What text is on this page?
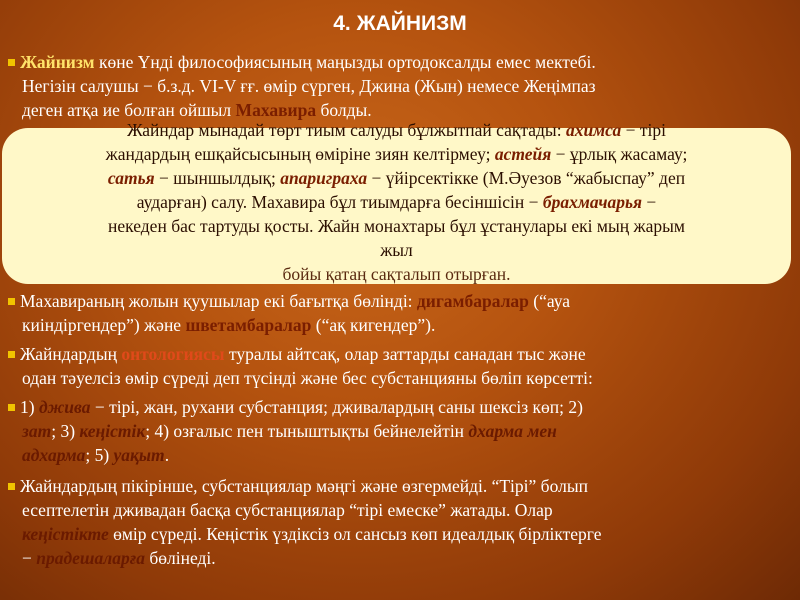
4. ЖАЙНИЗМ
Жайнизм көне Үнді философиясының маңызды ортодоксалды емес мектебі.
Негізін салушы − б.з.д. VI-V ғғ. өмір сүрген, Джина (Жын) немесе Жеңімпаз
деген атқа ие болған ойшыл Махавира болды.
Жайндар мынадай төрт тиым салуды бұлжытпай сақтады: ахимса − тірі
жандардың ешқайсысының өміріне зиян келтірмеу; астейя − ұрлық жасамау;
сатья − шыншылдық; апариграха − үйірсектікке (М.Әуезов “жабыспау” деп
аударған) салу. Махавира бұл тиымдарға бесіншісін − брахмачарья −
некеден бас тартуды қосты. Жайн монахтары бұл ұстанулары екі мың жарым
жыл
бойы қатаң сақталып отырған.
Махавираның жолын қуушылар екі бағытқа бөлінді: дигамбаралар (“ауа
киіндіргендер”) және шветамбаралар (“ақ кигендер”).
Жайндардың онтологиясы туралы айтсақ, олар заттарды санадан тыс және
одан тәуелсіз өмір сүреді деп түсінді және бес субстанцияны бөліп көрсетті:
1) джива − тірі, жан, рухани субстанция; дживалардың саны шексіз көп; 2)
зат; 3) кеңістік; 4) озғалыс пен тыныштықты бейнелейтін дхарма мен
адхарма; 5) уақыт.
Жайндардың пікірінше, субстанциялар мәңгі және өзгермейді. “Тірі” болып
есептелетін дживадан басқа субстанциялар “тірі емеске” жатады. Олар
кеңістікте өмір сүреді. Кеңістік үздіксіз ол сансыз көп идеалдық бірліктерге
− прадешаларға бөлінеді.
